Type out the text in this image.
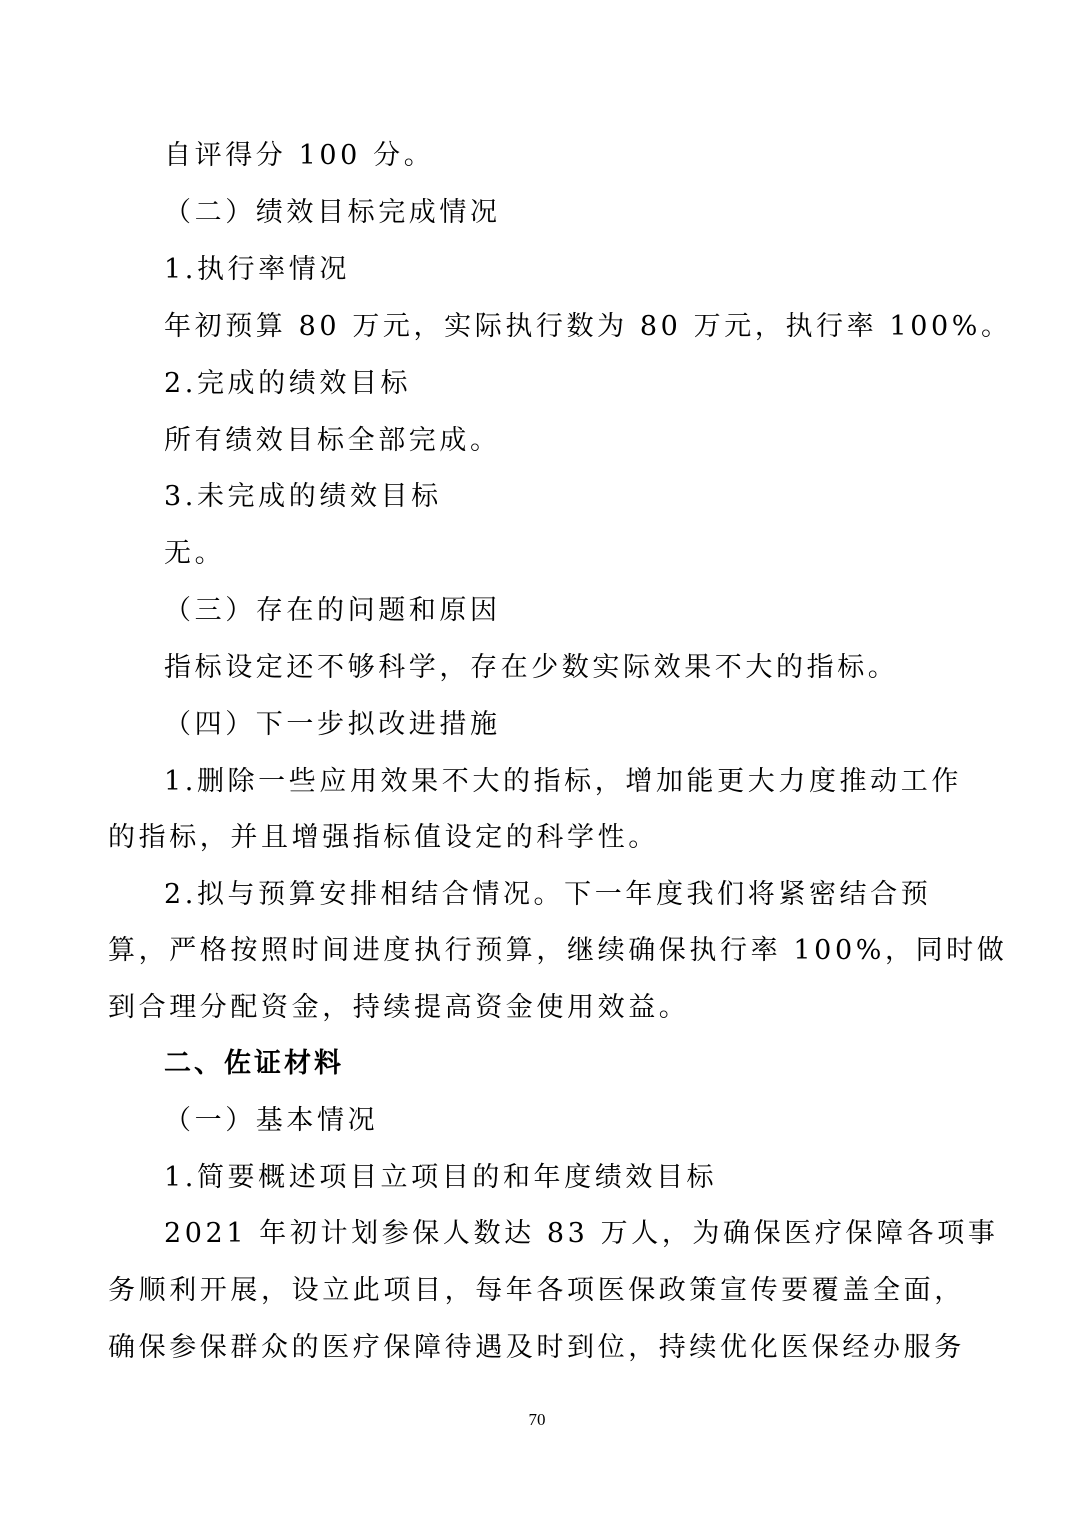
自评得分 100 分。
（二）绩效目标完成情况
1.执行率情况
年初预算 80 万元，实际执行数为 80 万元，执行率 100%。
2.完成的绩效目标
所有绩效目标全部完成。
3.未完成的绩效目标
无。
（三）存在的问题和原因
指标设定还不够科学，存在少数实际效果不大的指标。
（四）下一步拟改进措施
1.删除一些应用效果不大的指标，增加能更大力度推动工作
的指标，并且增强指标值设定的科学性。
2.拟与预算安排相结合情况。下一年度我们将紧密结合预
算，严格按照时间进度执行预算，继续确保执行率 100%，同时做
到合理分配资金，持续提高资金使用效益。
二、佐证材料
（一）基本情况
1.简要概述项目立项目的和年度绩效目标
2021 年初计划参保人数达 83 万人，为确保医疗保障各项事
务顺利开展，设立此项目，每年各项医保政策宣传要覆盖全面，
确保参保群众的医疗保障待遇及时到位，持续优化医保经办服务
70
